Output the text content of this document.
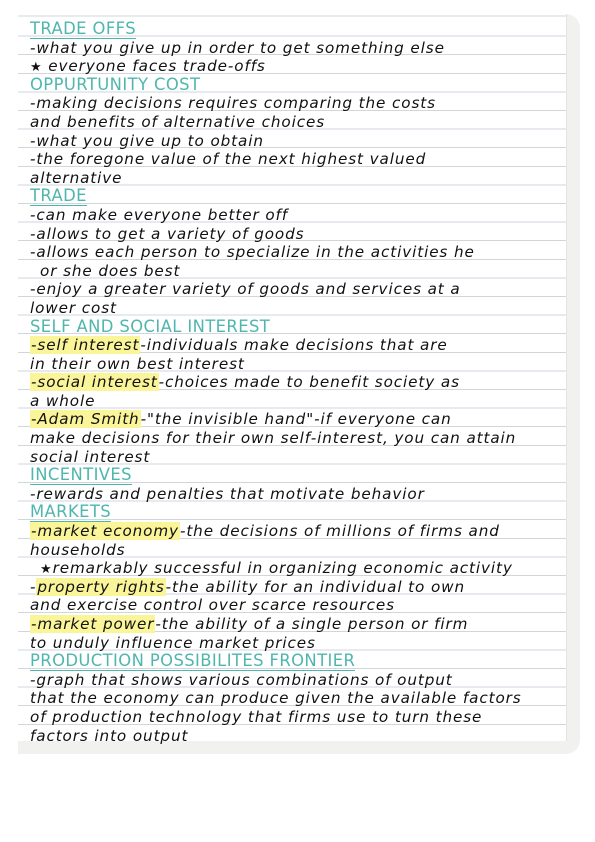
TRADE OFFS
-what you give up in order to get something else
★ everyone faces trade-offs
OPPURTUNITY COST
-making decisions requires comparing the costs
and benefits of alternative choices
-what you give up to obtain
-the foregone value of the next highest valued
alternative
TRADE
-can make everyone better off
-allows to get a variety of goods
-allows each person to specialize in the activities he
or she does best
-enjoy a greater variety of goods and services at a
lower cost
SELF AND SOCIAL INTEREST
-self interest-individuals make decisions that are
in their own best interest
-social interest-choices made to benefit society as
a whole
-Adam Smith-"the invisible hand"-if everyone can
make decisions for their own self-interest, you can attain
social interest
INCENTIVES
-rewards and penalties that motivate behavior
MARKETS
-market economy-the decisions of millions of firms and
households
★remarkably successful in organizing economic activity
-property rights-the ability for an individual to own
and exercise control over scarce resources
-market power-the ability of a single person or firm
to unduly influence market prices
PRODUCTION POSSIBILITES FRONTIER
-graph that shows various combinations of output
that the economy can produce given the available factors
of production technology that firms use to turn these
factors into output
